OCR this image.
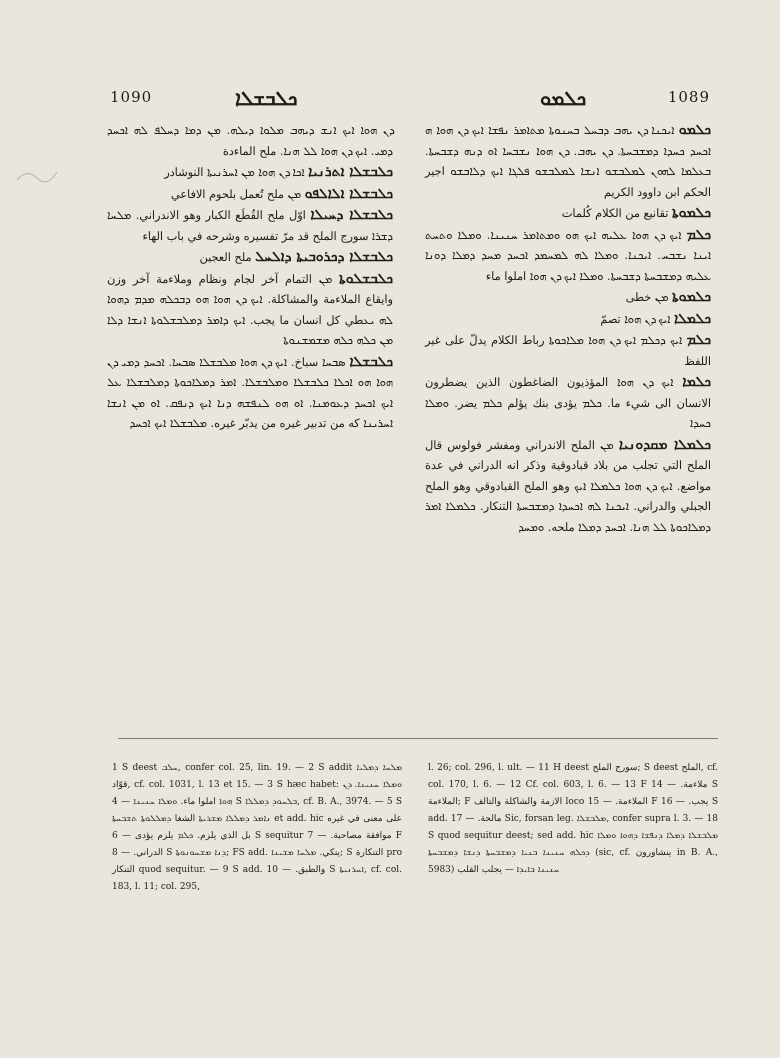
1090	ܟܠܒܫܠܐ	ܟܠܡܘ	1089

ܕܢ ܗܘܐ ܐܝܟ ܐܢܫ ܕܝܗܒ ܡܠܘܐ ܕܝܠܗ. ܡܢ ܕܡܐ ܕܚܠܦ ܠܗ ܐܟܚܕ ܕܡܝ. ܐܝܟ ܕܢ ܗܘܐ ܠܠ ܗܢܐ. ملح الماءدة

ܟܠܒܫܠܐ ܐܬܪܢܝܐ ܐܟܐ ܕܢ ܗܘܐ ܡܢ ܐܚܪܢܝܬܐ النوشادر

ܟܠܒܫܠܐ ܐܠܐܠܦܘ ܡܢ ملح تُعمل بلحوم الافاعي

ܟܠܒܫܠܐ ܕܚܝܠܐ اوّل ملح القُطَع الكبار وهو الاندراني. ܡܠܚܐ ܕܫܪܐ سورج الملح قد مرّ تفسيره وشرحه في باب الهاء

ܟܠܒܫܠܐ ܕܟܪܘܒܝܬܐ ܕܐܠܚܠ ملح العجين

ܟܠܒܫܠܘܬܐ ܡܢ التمام آخر لجام ونظام وملاءمة آخر وزن وايقاع الملاءمة والمشاكلة. ܐܝܟ ܕܢ ܗܘܐ ܗܘ ܕܒܟܠܗ ܡܕܡ ܕܗܘܐ ܠܗ ܝܥطي كل انسان ما يجب. ܐܝܟ ܕܐܡܪ ܕܡܠܒܫܠܘܬܐ ܐܢܫܐ ܕܠܐ ܡܢ ܟܠܗ ܟܠܗ ܡܫܡܫܢܘܬܐ

ܟܠܒܫܠܐ ܣܒܚܐ سباخ. ܐܝܟ ܕܢ ܗܘܐ ܡܠܒܫܠܐ ܣܒܚܐ. ܐܟܚܕ ܕܡܝ ܕܢ ܗܘܐ ܗܘ ܐܟܠܐ ܟܠܒܫܠܐ ܘܡܠܒܫܠܐ. ܐܡܪ ܕܡܠܐܟܘܬܐ ܕܡܠܒܫܠܐ ܥܠ ܐܝܟ ܐܟܚܕ ܕܥܘܡܢܐ. ܐܘ ܗܘ ܠܢܦܫܗ ܕܢܐ ܐܝܟ ܕܢܦܩ. ܐܘ ܡܢ ܐܢܫܐ ܐܚܪܝܢܐ كه من تدبير غيره من يدبّر غيره. ܡܠܒܫܠܐ ܐܝܟ ܐܟܚܕ

ܟܠܡܘ ܐܝܟܢܐ ܕܢ ܝܗܒ ܕܒܚܠ ܒܚܢܘܬܐ ܡܬܐܡܪ ܢܦܫܐ ܐܝܟ ܕܢ ܗܘܐ ܗ ܐܟܚܕ ܟܚܕܐ ܕܡܫܒܚܬܐ. ܕܢ ܝܗܒ. ܕܢ ܗܘܐ ܢܫܒܚܐ ܐܘ ܕܢܗ ܕܫܒܚܬܐ. ܒܥܠܡܐ ܠܗܘܢ ܠܡܠܒܫܘ ܐܢܫܐ ܠܡܠܒܫܘ ܦܠܓܐ ܐܝܟ ܕܠܐܒܫܘ اجير الحكم ابن داوود الكريم

ܟܠܡܘܬܐ تقانيع من الكلام كُلمات

ܟܠܡ ܐܝܟ ܕܢ ܗܘܐ ܥܠܝܗ ܐܝܟ ܗܘ ܘܡܬܐܡܪ ܚܢܝܢܐ. ܘܡܠܐ ܘܬܚܬ ܐܝܢܐ ܢܫܒܚ. ܐܝܟܢܐ. ܘܡܠܐ ܠܗ ܠܡܚܡܕ ܐܟܚܕ ܡܚܕ ܕܡܠܐ ܕܘܢܐ ܥܠܝܗ ܕܡܫܒܚܬܐ ܕܫܒܚܬܐ. ܘܡܠܐ ܐܝܟ ܕܢ ܗܘܐ املوا ماء

ܟܠܡܘܬܐ ܡܢ خطى

ܟܠܡܠܐ ܐܝܟ ܕܢ ܗܘܐ تصمّ

ܟܠܡ ܐܝܟ ܕܟܠܡ ܐܝܟ ܕܢ ܗܘܐ ܡܠܐܟܘܬܐ رباط الكلام يدلّ على غير اللفظ

ܟܠܡܐ ܐܝܟ ܕܢ ܗܘܐ المؤذيون الضاغطون الذين يضطرون الانسان الى شيء ما. ܟܠܡ يؤدى بنك يؤلم ܟܠܡ يضر. ܘܡܠܐ ܟܚܕܐ

ܟܠܡܠܐ ܡܩܕܘܢܝܐ ܡܢ الملح الاندراني ومفشر فولوس قال الملح التي تجلب من بلاد قبادوقية وذكر انه الدراني في عدة مواضع. ܐܝܟ ܕܢ ܗܘܐ ܟܠܡܠܐ ܐܝܟ وهو الملح القبادوقي وهو الملح الجبلي والدراني. ܐܝܟܢܐ ܠܗ ܐܟܚܕܐ ܕܡܫܒܚܬܐ التنكار. ܟܠܡܠܐ ܐܡܪ ܕܡܠܐܟܘܬܐ ܠܠ ܗܢܐ. ܐܟܚܕ ܕܡܠܐ ملحه. ܘܡܚܕ

1 S deest ܚܠܒ, confer col. 25, lin. 19. — 2 S addit ܡܠܚܐ ܕܡܠܝܐ قوّاد, cf. col. 1031, l. 13 et 15. — 3 S hæc habet: ܘܡܠܐ ܚܢܝܢܐ. ܕܢ ܗܘܐ املوا ماء. ܘܡܠܐ ܚܢܝܢܐ — 4 S ܒܠܚܘܕ ܕܡܠܠܐ, cf. B. A., 3974. — 5 S ܢܐܡܪ ܕܡܠܠܐ ܡܫܪܝܬܐ الشغا ܕܡܠܠܘܬܐ ܬܫܒܚܬܐ et add. hic على معنى في غيره بل الذي يلزم. ܟܠܡ يلزم يؤدى — 6 S sequitur موافقة مصاحبة. — 7 F الدراني. — 8 S ܕܢܐ ܡܫܚܘܢܘܬܐ; FS add. ينكي. ܡܠܚܐ ܡܫܝܢܐ; S التنكارة pro التنكار quod sequitur. — 9 S add. والطبق. — 10 S ܐܚܪܢܝܬܐ, cf. col. 183, l. 11; col. 295,
l. 26; col. 296, l. ult. — 11 H deest سورج الملح; S deest الملح, cf. col. 170, l. 6. — 12 Cf. col. 603, l. 6. — 13 F ملاءمة. — 14 S الملاءمة; F الازمة والشاكلة والتالف loco الملاءمة. — 15 F يجب. — 16 S add. مالحة. — 17 Sic, forsan leg. ܡܠܒܫܠܐ, confer supra l. 3. — 18 S quod sequitur deest; sed add. hic ܡܠܒܫܠܐ ܕܡܠܐ ܕܢܦܫܐ ܕܗܘܐ ܘܡܠܐ ܕܟܠܗ ܚܢܝܢܐ ܒܢܝܐ ܕܡܫܒܚܬܐ ܕܢܫܐ ܕܡܫܒܚܬܐ (sic, cf. ينشاورون in B. A., 5983) ܚܢܝܢܐ ܒܐܝܕܐ — يجلب القلب
